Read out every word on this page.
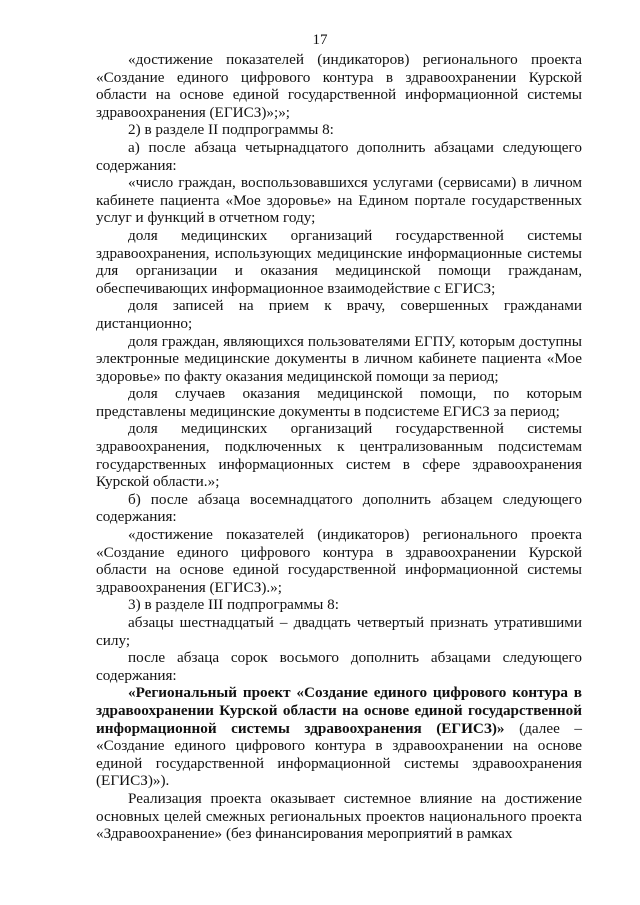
17

«достижение показателей (индикаторов) регионального проекта «Создание единого цифрового контура в здравоохранении Курской области на основе единой государственной информационной системы здравоохранения (ЕГИСЗ)»;»;

2) в разделе II подпрограммы 8:

а) после абзаца четырнадцатого дополнить абзацами следующего содержания:

«число граждан, воспользовавшихся услугами (сервисами) в личном кабинете пациента «Мое здоровье» на Едином портале государственных услуг и функций в отчетном году;

доля медицинских организаций государственной системы здравоохранения, использующих медицинские информационные системы для организации и оказания медицинской помощи гражданам, обеспечивающих информационное взаимодействие с ЕГИСЗ;

доля записей на прием к врачу, совершенных гражданами дистанционно;

доля граждан, являющихся пользователями ЕГПУ, которым доступны электронные медицинские документы в личном кабинете пациента «Мое здоровье» по факту оказания медицинской помощи за период;

доля случаев оказания медицинской помощи, по которым представлены медицинские документы в подсистеме ЕГИСЗ за период;

доля медицинских организаций государственной системы здравоохранения, подключенных к централизованным подсистемам государственных информационных систем в сфере здравоохранения Курской области.»;

б) после абзаца восемнадцатого дополнить абзацем следующего содержания:

«достижение показателей (индикаторов) регионального проекта «Создание единого цифрового контура в здравоохранении Курской области на основе единой государственной информационной системы здравоохранения (ЕГИСЗ).»;

3) в разделе III подпрограммы 8:

абзацы шестнадцатый – двадцать четвертый признать утратившими силу;

после абзаца сорок восьмого дополнить абзацами следующего содержания:

«Региональный проект «Создание единого цифрового контура в здравоохранении Курской области на основе единой государственной информационной системы здравоохранения (ЕГИСЗ)» (далее – «Создание единого цифрового контура в здравоохранении на основе единой государственной информационной системы здравоохранения (ЕГИСЗ)»).

Реализация проекта оказывает системное влияние на достижение основных целей смежных региональных проектов национального проекта «Здравоохранение» (без финансирования мероприятий в рамках
